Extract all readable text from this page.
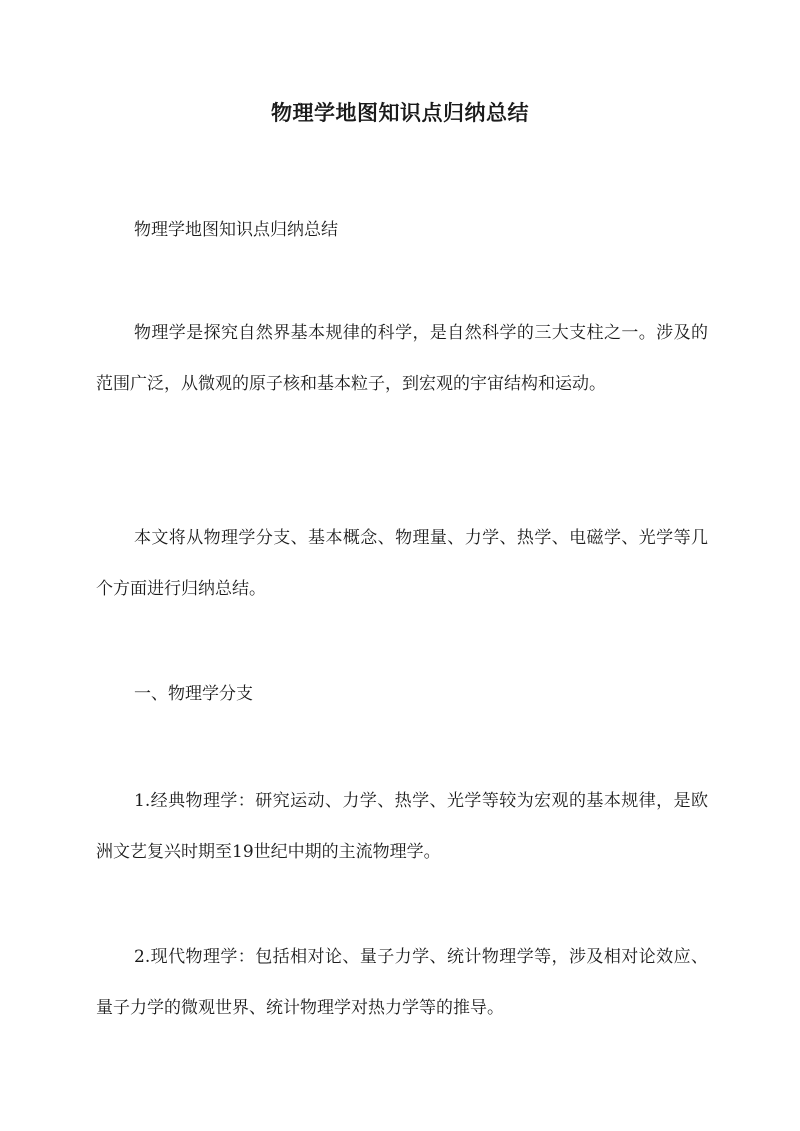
物理学地图知识点归纳总结

物理学地图知识点归纳总结

物理学是探究自然界基本规律的科学，是自然科学的三大支柱之一。涉及的范围广泛，从微观的原子核和基本粒子，到宏观的宇宙结构和运动。

本文将从物理学分支、基本概念、物理量、力学、热学、电磁学、光学等几个方面进行归纳总结。

一、物理学分支

1.经典物理学：研究运动、力学、热学、光学等较为宏观的基本规律，是欧洲文艺复兴时期至19世纪中期的主流物理学。

2.现代物理学：包括相对论、量子力学、统计物理学等，涉及相对论效应、量子力学的微观世界、统计物理学对热力学等的推导。
